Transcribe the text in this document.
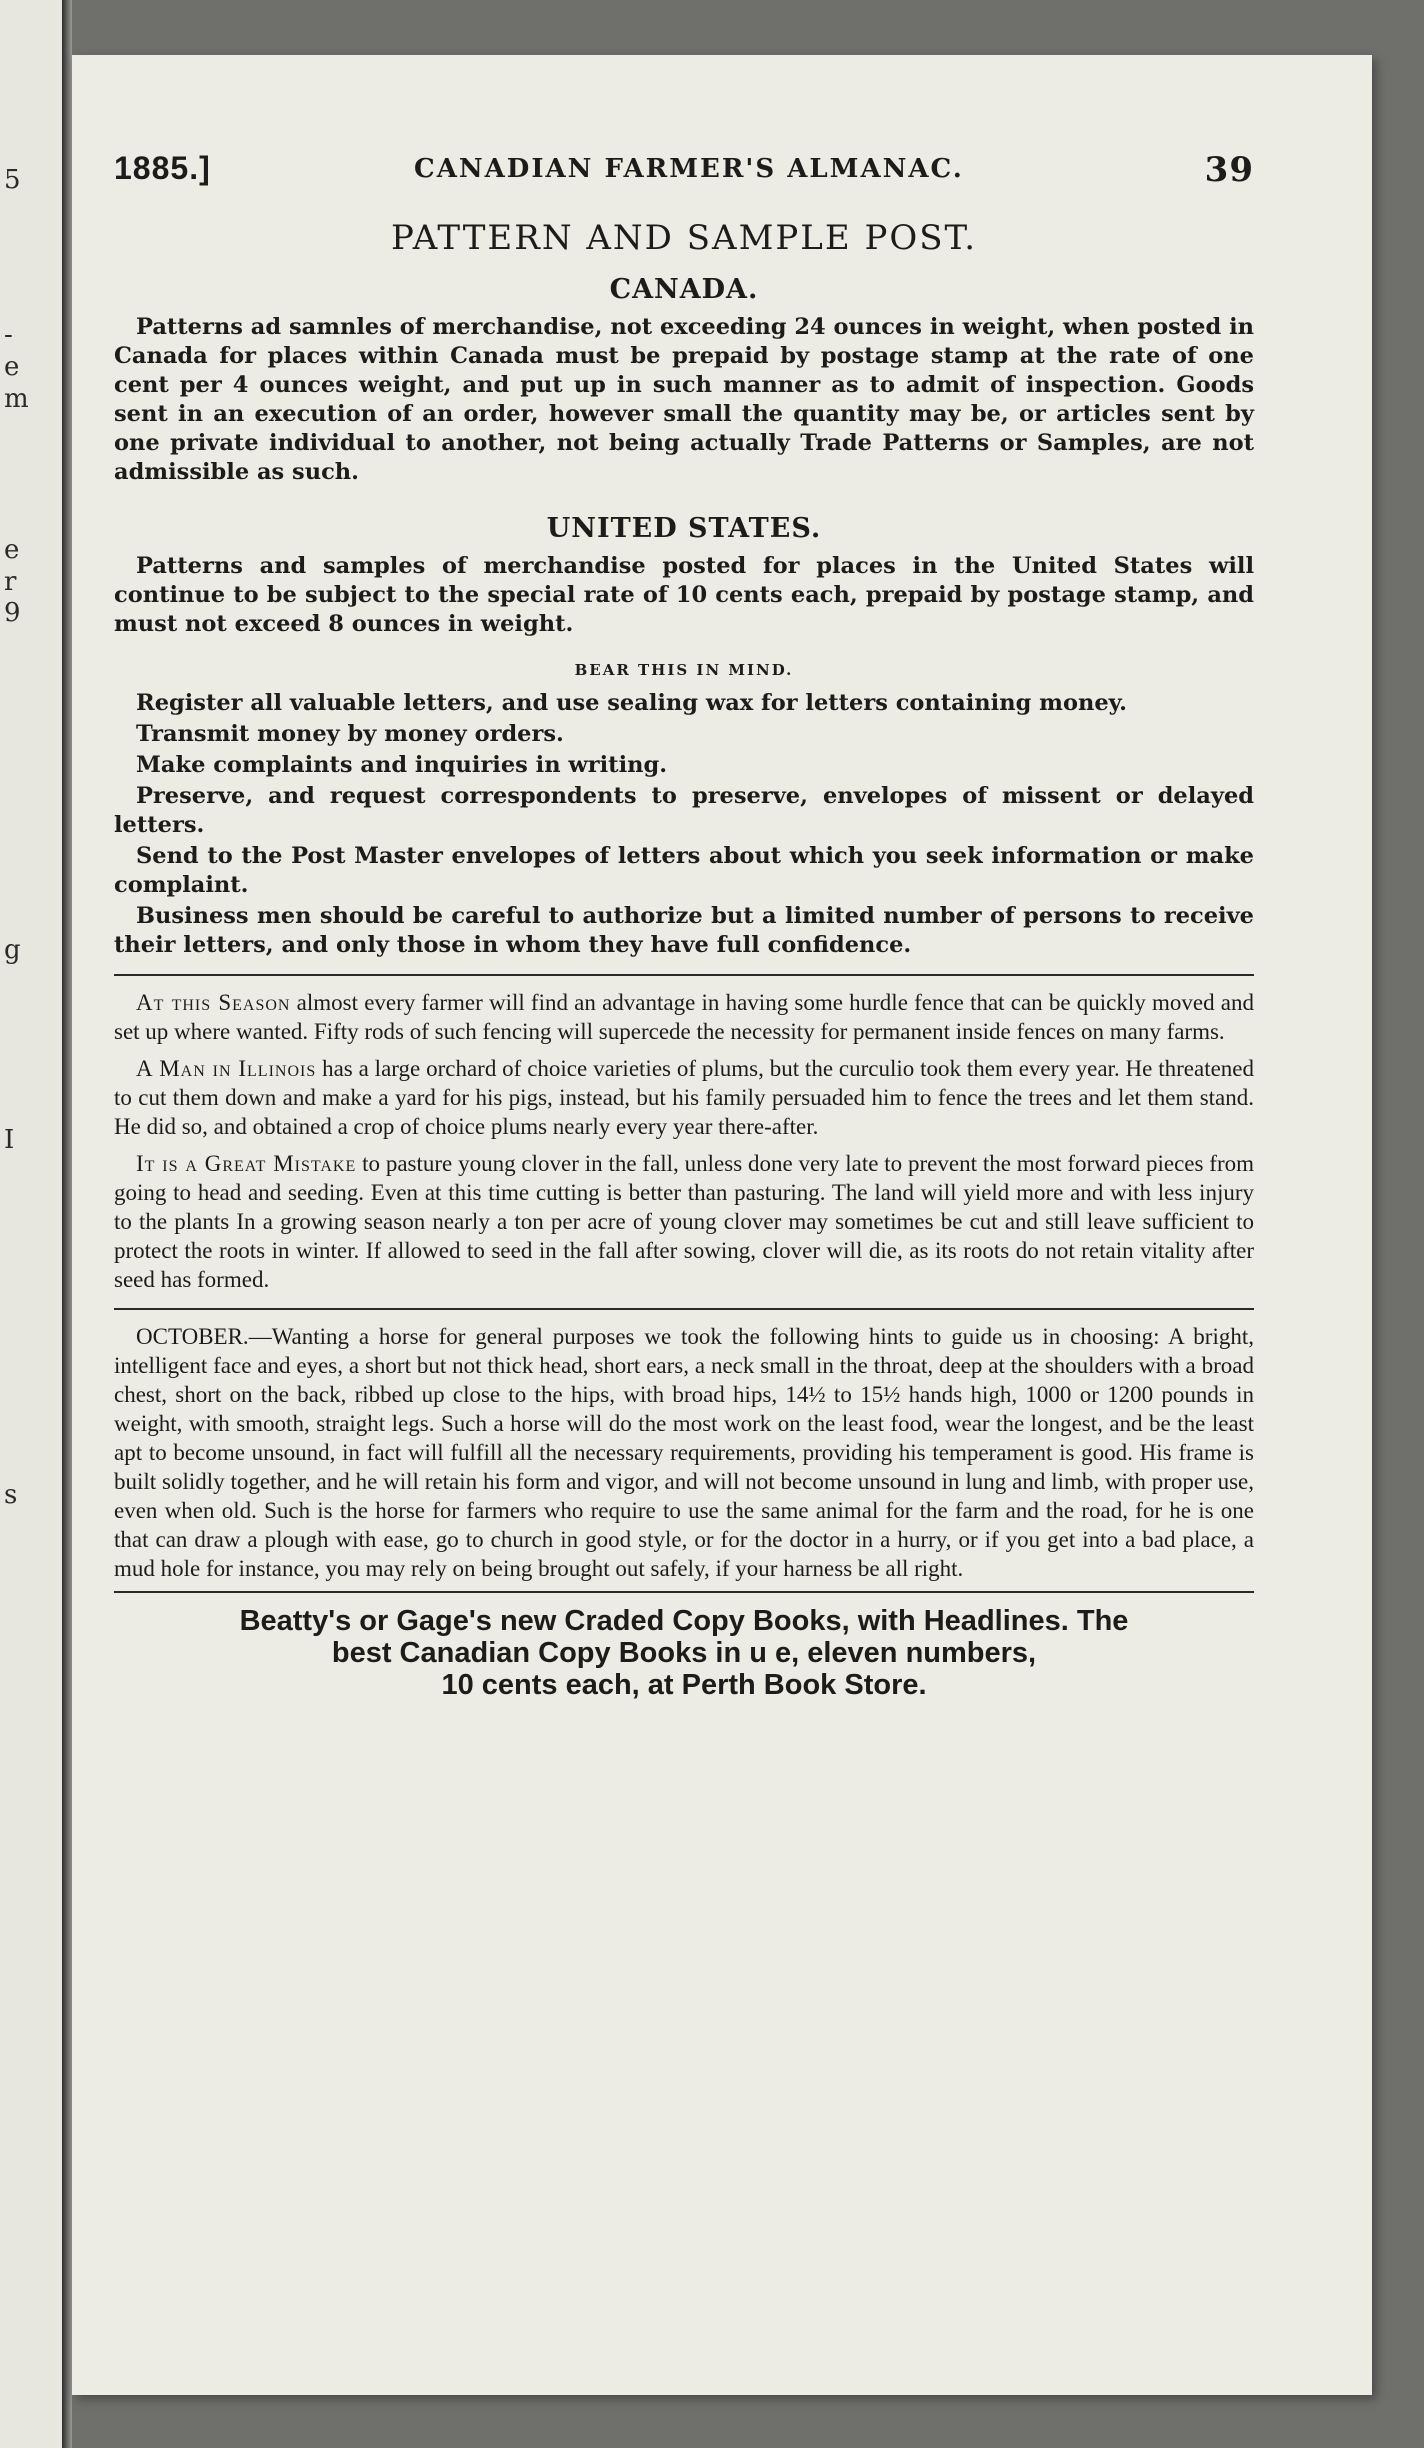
5
-
e
m
e
r
9
g
I
s
1885.]	CANADIAN FARMER'S ALMANAC.	39
PATTERN AND SAMPLE POST.
CANADA.

Patterns ad samnles of merchandise, not exceeding 24 ounces in weight, when posted in Canada for places within Canada must be prepaid by postage stamp at the rate of one cent per 4 ounces weight, and put up in such manner as to admit of inspection. Goods sent in an execution of an order, however small the quantity may be, or articles sent by one private individual to another, not being actually Trade Patterns or Samples, are not admissible as such.

UNITED STATES.

Patterns and samples of merchandise posted for places in the United States will continue to be subject to the special rate of 10 cents each, prepaid by postage stamp, and must not exceed 8 ounces in weight.

BEAR THIS IN MIND.

Register all valuable letters, and use sealing wax for letters containing money.

Transmit money by money orders.

Make complaints and inquiries in writing.

Preserve, and request correspondents to preserve, envelopes of missent or delayed letters.

Send to the Post Master envelopes of letters about which you seek information or make complaint.

Business men should be careful to authorize but a limited number of persons to receive their letters, and only those in whom they have full confidence.

At this Season almost every farmer will find an advantage in having some hurdle fence that can be quickly moved and set up where wanted. Fifty rods of such fencing will supercede the necessity for permanent inside fences on many farms.

A Man in Illinois has a large orchard of choice varieties of plums, but the curculio took them every year. He threatened to cut them down and make a yard for his pigs, instead, but his family persuaded him to fence the trees and let them stand. He did so, and obtained a crop of choice plums nearly every year there-after.

It is a Great Mistake to pasture young clover in the fall, unless done very late to prevent the most forward pieces from going to head and seeding. Even at this time cutting is better than pasturing. The land will yield more and with less injury to the plants In a growing season nearly a ton per acre of young clover may sometimes be cut and still leave sufficient to protect the roots in winter. If allowed to seed in the fall after sowing, clover will die, as its roots do not retain vitality after seed has formed.

OCTOBER.—Wanting a horse for general purposes we took the following hints to guide us in choosing: A bright, intelligent face and eyes, a short but not thick head, short ears, a neck small in the throat, deep at the shoulders with a broad chest, short on the back, ribbed up close to the hips, with broad hips, 14½ to 15½ hands high, 1000 or 1200 pounds in weight, with smooth, straight legs. Such a horse will do the most work on the least food, wear the longest, and be the least apt to become unsound, in fact will fulfill all the necessary requirements, providing his temperament is good. His frame is built solidly together, and he will retain his form and vigor, and will not become unsound in lung and limb, with proper use, even when old. Such is the horse for farmers who require to use the same animal for the farm and the road, for he is one that can draw a plough with ease, go to church in good style, or for the doctor in a hurry, or if you get into a bad place, a mud hole for instance, you may rely on being brought out safely, if your harness be all right.

Beatty's or Gage's new Craded Copy Books, with Headlines. The
best Canadian Copy Books in u e, eleven numbers,
10 cents each, at Perth Book Store.
